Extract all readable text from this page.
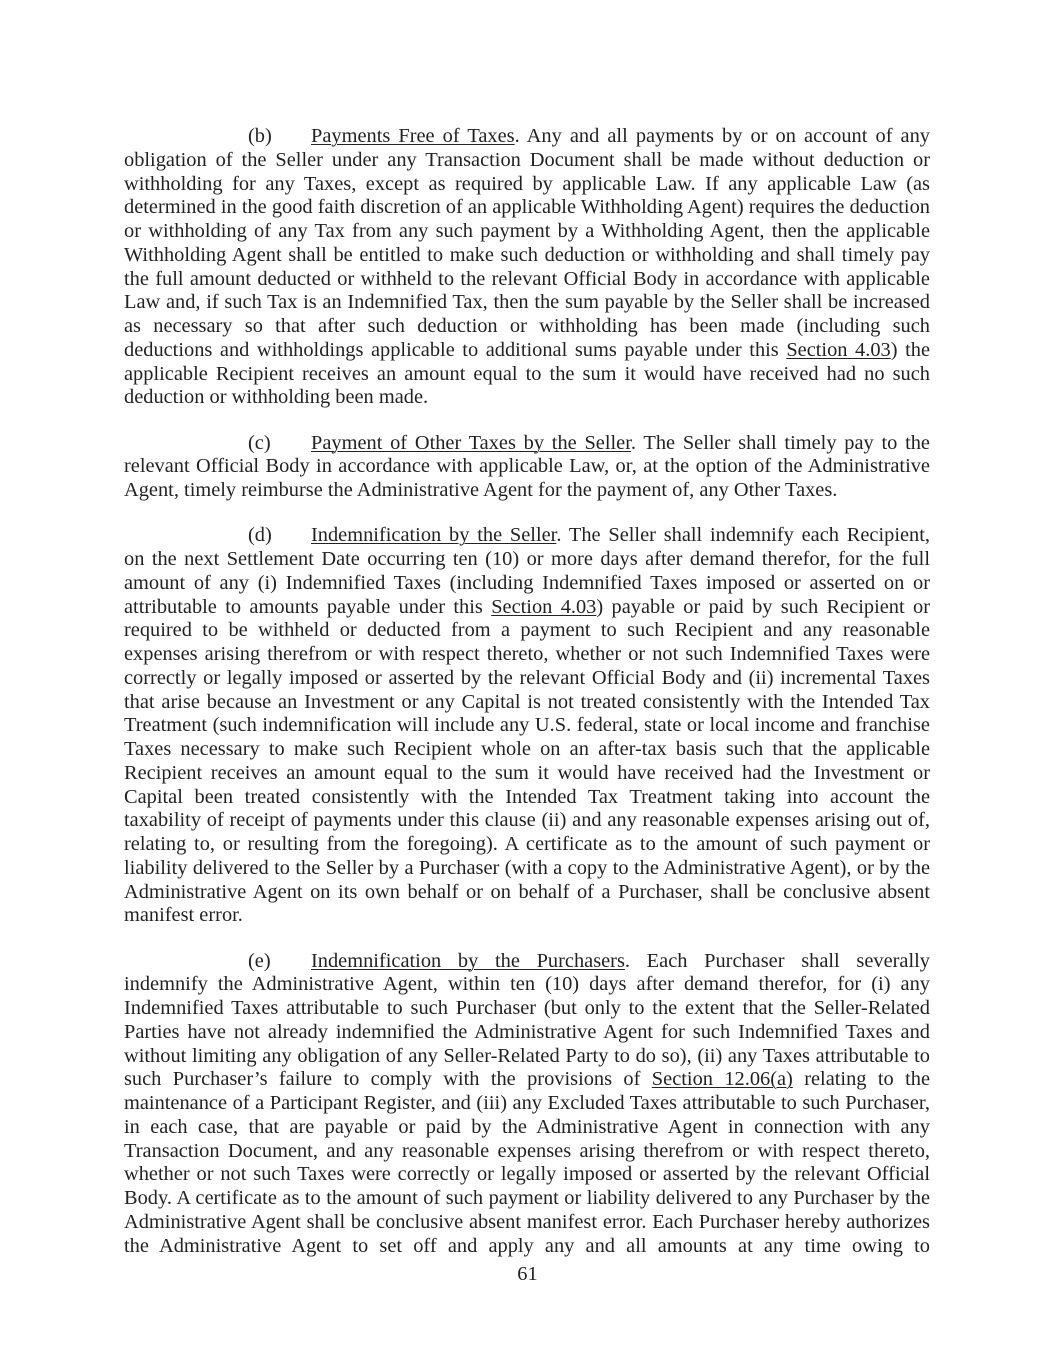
(b) Payments Free of Taxes. Any and all payments by or on account of any obligation of the Seller under any Transaction Document shall be made without deduction or withholding for any Taxes, except as required by applicable Law. If any applicable Law (as determined in the good faith discretion of an applicable Withholding Agent) requires the deduction or withholding of any Tax from any such payment by a Withholding Agent, then the applicable Withholding Agent shall be entitled to make such deduction or withholding and shall timely pay the full amount deducted or withheld to the relevant Official Body in accordance with applicable Law and, if such Tax is an Indemnified Tax, then the sum payable by the Seller shall be increased as necessary so that after such deduction or withholding has been made (including such deductions and withholdings applicable to additional sums payable under this Section 4.03) the applicable Recipient receives an amount equal to the sum it would have received had no such deduction or withholding been made.

(c) Payment of Other Taxes by the Seller. The Seller shall timely pay to the relevant Official Body in accordance with applicable Law, or, at the option of the Administrative Agent, timely reimburse the Administrative Agent for the payment of, any Other Taxes.

(d) Indemnification by the Seller. The Seller shall indemnify each Recipient, on the next Settlement Date occurring ten (10) or more days after demand therefor, for the full amount of any (i) Indemnified Taxes (including Indemnified Taxes imposed or asserted on or attributable to amounts payable under this Section 4.03) payable or paid by such Recipient or required to be withheld or deducted from a payment to such Recipient and any reasonable expenses arising therefrom or with respect thereto, whether or not such Indemnified Taxes were correctly or legally imposed or asserted by the relevant Official Body and (ii) incremental Taxes that arise because an Investment or any Capital is not treated consistently with the Intended Tax Treatment (such indemnification will include any U.S. federal, state or local income and franchise Taxes necessary to make such Recipient whole on an after-tax basis such that the applicable Recipient receives an amount equal to the sum it would have received had the Investment or Capital been treated consistently with the Intended Tax Treatment taking into account the taxability of receipt of payments under this clause (ii) and any reasonable expenses arising out of, relating to, or resulting from the foregoing). A certificate as to the amount of such payment or liability delivered to the Seller by a Purchaser (with a copy to the Administrative Agent), or by the Administrative Agent on its own behalf or on behalf of a Purchaser, shall be conclusive absent manifest error.

(e) Indemnification by the Purchasers. Each Purchaser shall severally indemnify the Administrative Agent, within ten (10) days after demand therefor, for (i) any Indemnified Taxes attributable to such Purchaser (but only to the extent that the Seller-Related Parties have not already indemnified the Administrative Agent for such Indemnified Taxes and without limiting any obligation of any Seller-Related Party to do so), (ii) any Taxes attributable to such Purchaser’s failure to comply with the provisions of Section 12.06(a) relating to the maintenance of a Participant Register, and (iii) any Excluded Taxes attributable to such Purchaser, in each case, that are payable or paid by the Administrative Agent in connection with any Transaction Document, and any reasonable expenses arising therefrom or with respect thereto, whether or not such Taxes were correctly or legally imposed or asserted by the relevant Official Body. A certificate as to the amount of such payment or liability delivered to any Purchaser by the Administrative Agent shall be conclusive absent manifest error. Each Purchaser hereby authorizes the Administrative Agent to set off and apply any and all amounts at any time owing to

61
